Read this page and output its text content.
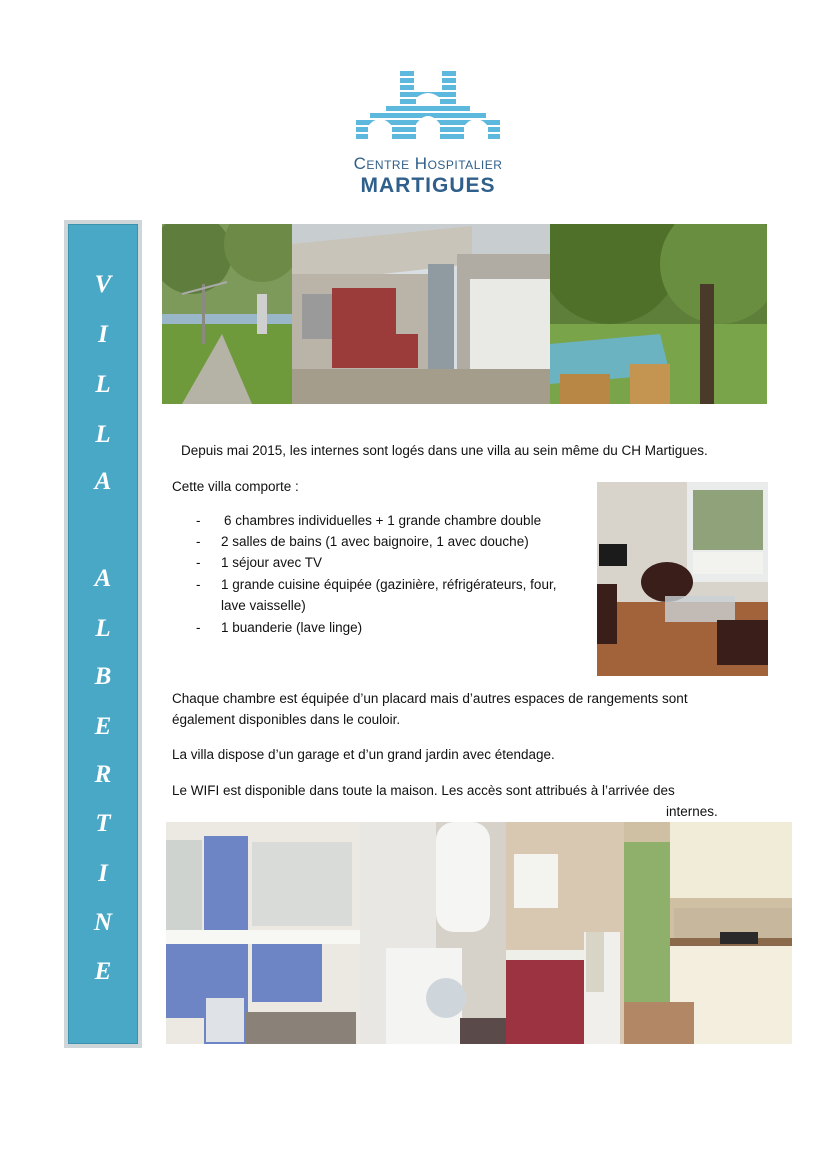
Centre Hospitalier
MARTIGUES
V
I
L
L
A
A
L
B
E
R
T
I
N
E
Depuis mai 2015, les internes sont logés dans une villa au sein même du CH Martigues.
Cette villa comporte :
- 6 chambres individuelles + 1 grande chambre double
- 2 salles de bains (1 avec baignoire, 1 avec douche)
- 1 séjour avec TV
- 1 grande cuisine équipée (gazinière, réfrigérateurs, four,
lave vaisselle)
- 1 buanderie (lave linge)
Chaque chambre est équipée d’un placard mais d’autres espaces de rangements sont
également disponibles dans le couloir.
La villa dispose d’un garage et d’un grand jardin avec étendage.
Le WIFI est disponible dans toute la maison. Les accès sont attribués à l’arrivée des
internes.
